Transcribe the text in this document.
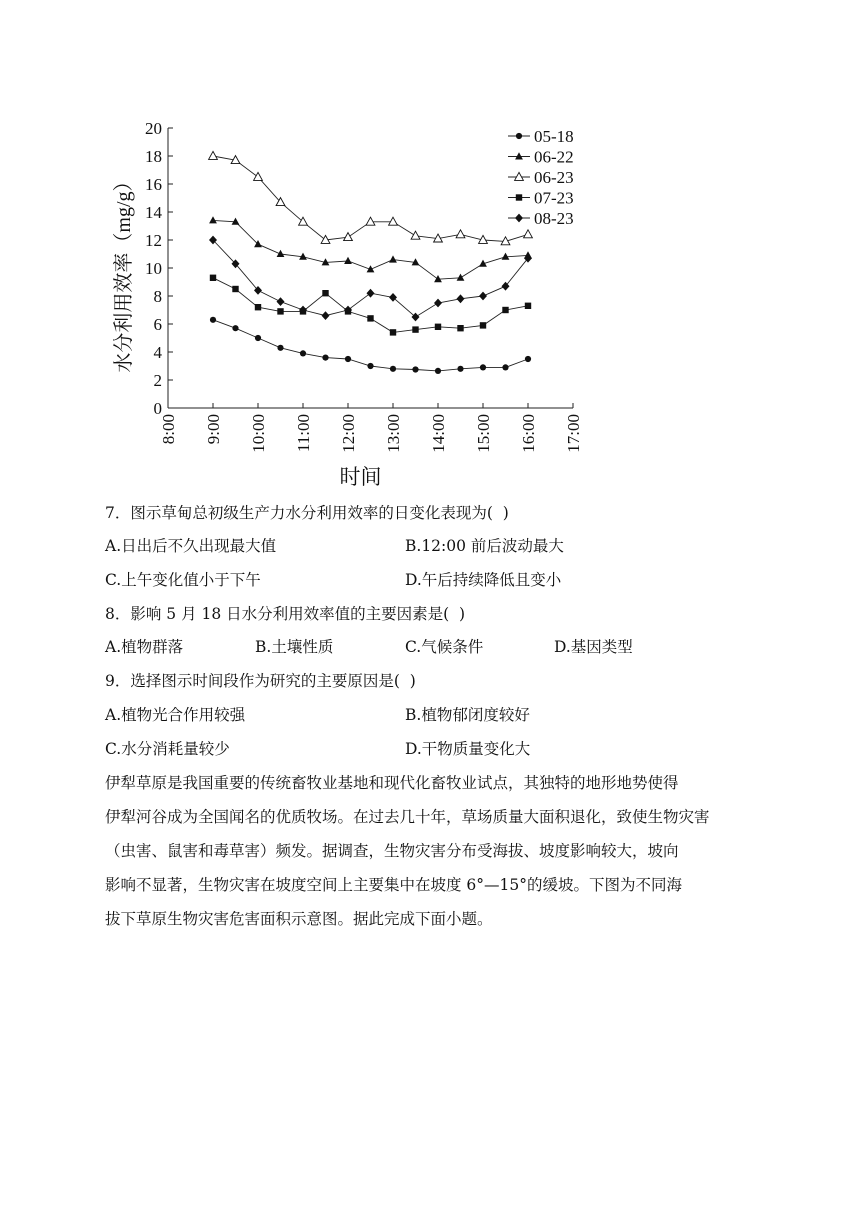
0
2
4
6
8
10
12
14
16
18
20
8:00 9:00 10:00 11:00 12:00 13:00 14:00 15:00 16:00 17:00
水分利用效率（mg/g）
时间
05-18
06-22
06-23
07-23
08-23
7．图示草甸总初级生产力水分利用效率的日变化表现为(  )
A.日出后不久出现最大值	B.12:00 前后波动最大
C.上午变化值小于下午	D.午后持续降低且变小
8．影响 5 月 18 日水分利用效率值的主要因素是(  )
A.植物群落	B.土壤性质	C.气候条件	D.基因类型
9．选择图示时间段作为研究的主要原因是(  )
A.植物光合作用较强	B.植物郁闭度较好
C.水分消耗量较少	D.干物质量变化大
伊犁草原是我国重要的传统畜牧业基地和现代化畜牧业试点，其独特的地形地势使得
伊犁河谷成为全国闻名的优质牧场。在过去几十年，草场质量大面积退化，致使生物灾害
（虫害、鼠害和毒草害）频发。据调查，生物灾害分布受海拔、坡度影响较大，坡向
影响不显著，生物灾害在坡度空间上主要集中在坡度 6°—15°的缓坡。下图为不同海
拔下草原生物灾害危害面积示意图。据此完成下面小题。
